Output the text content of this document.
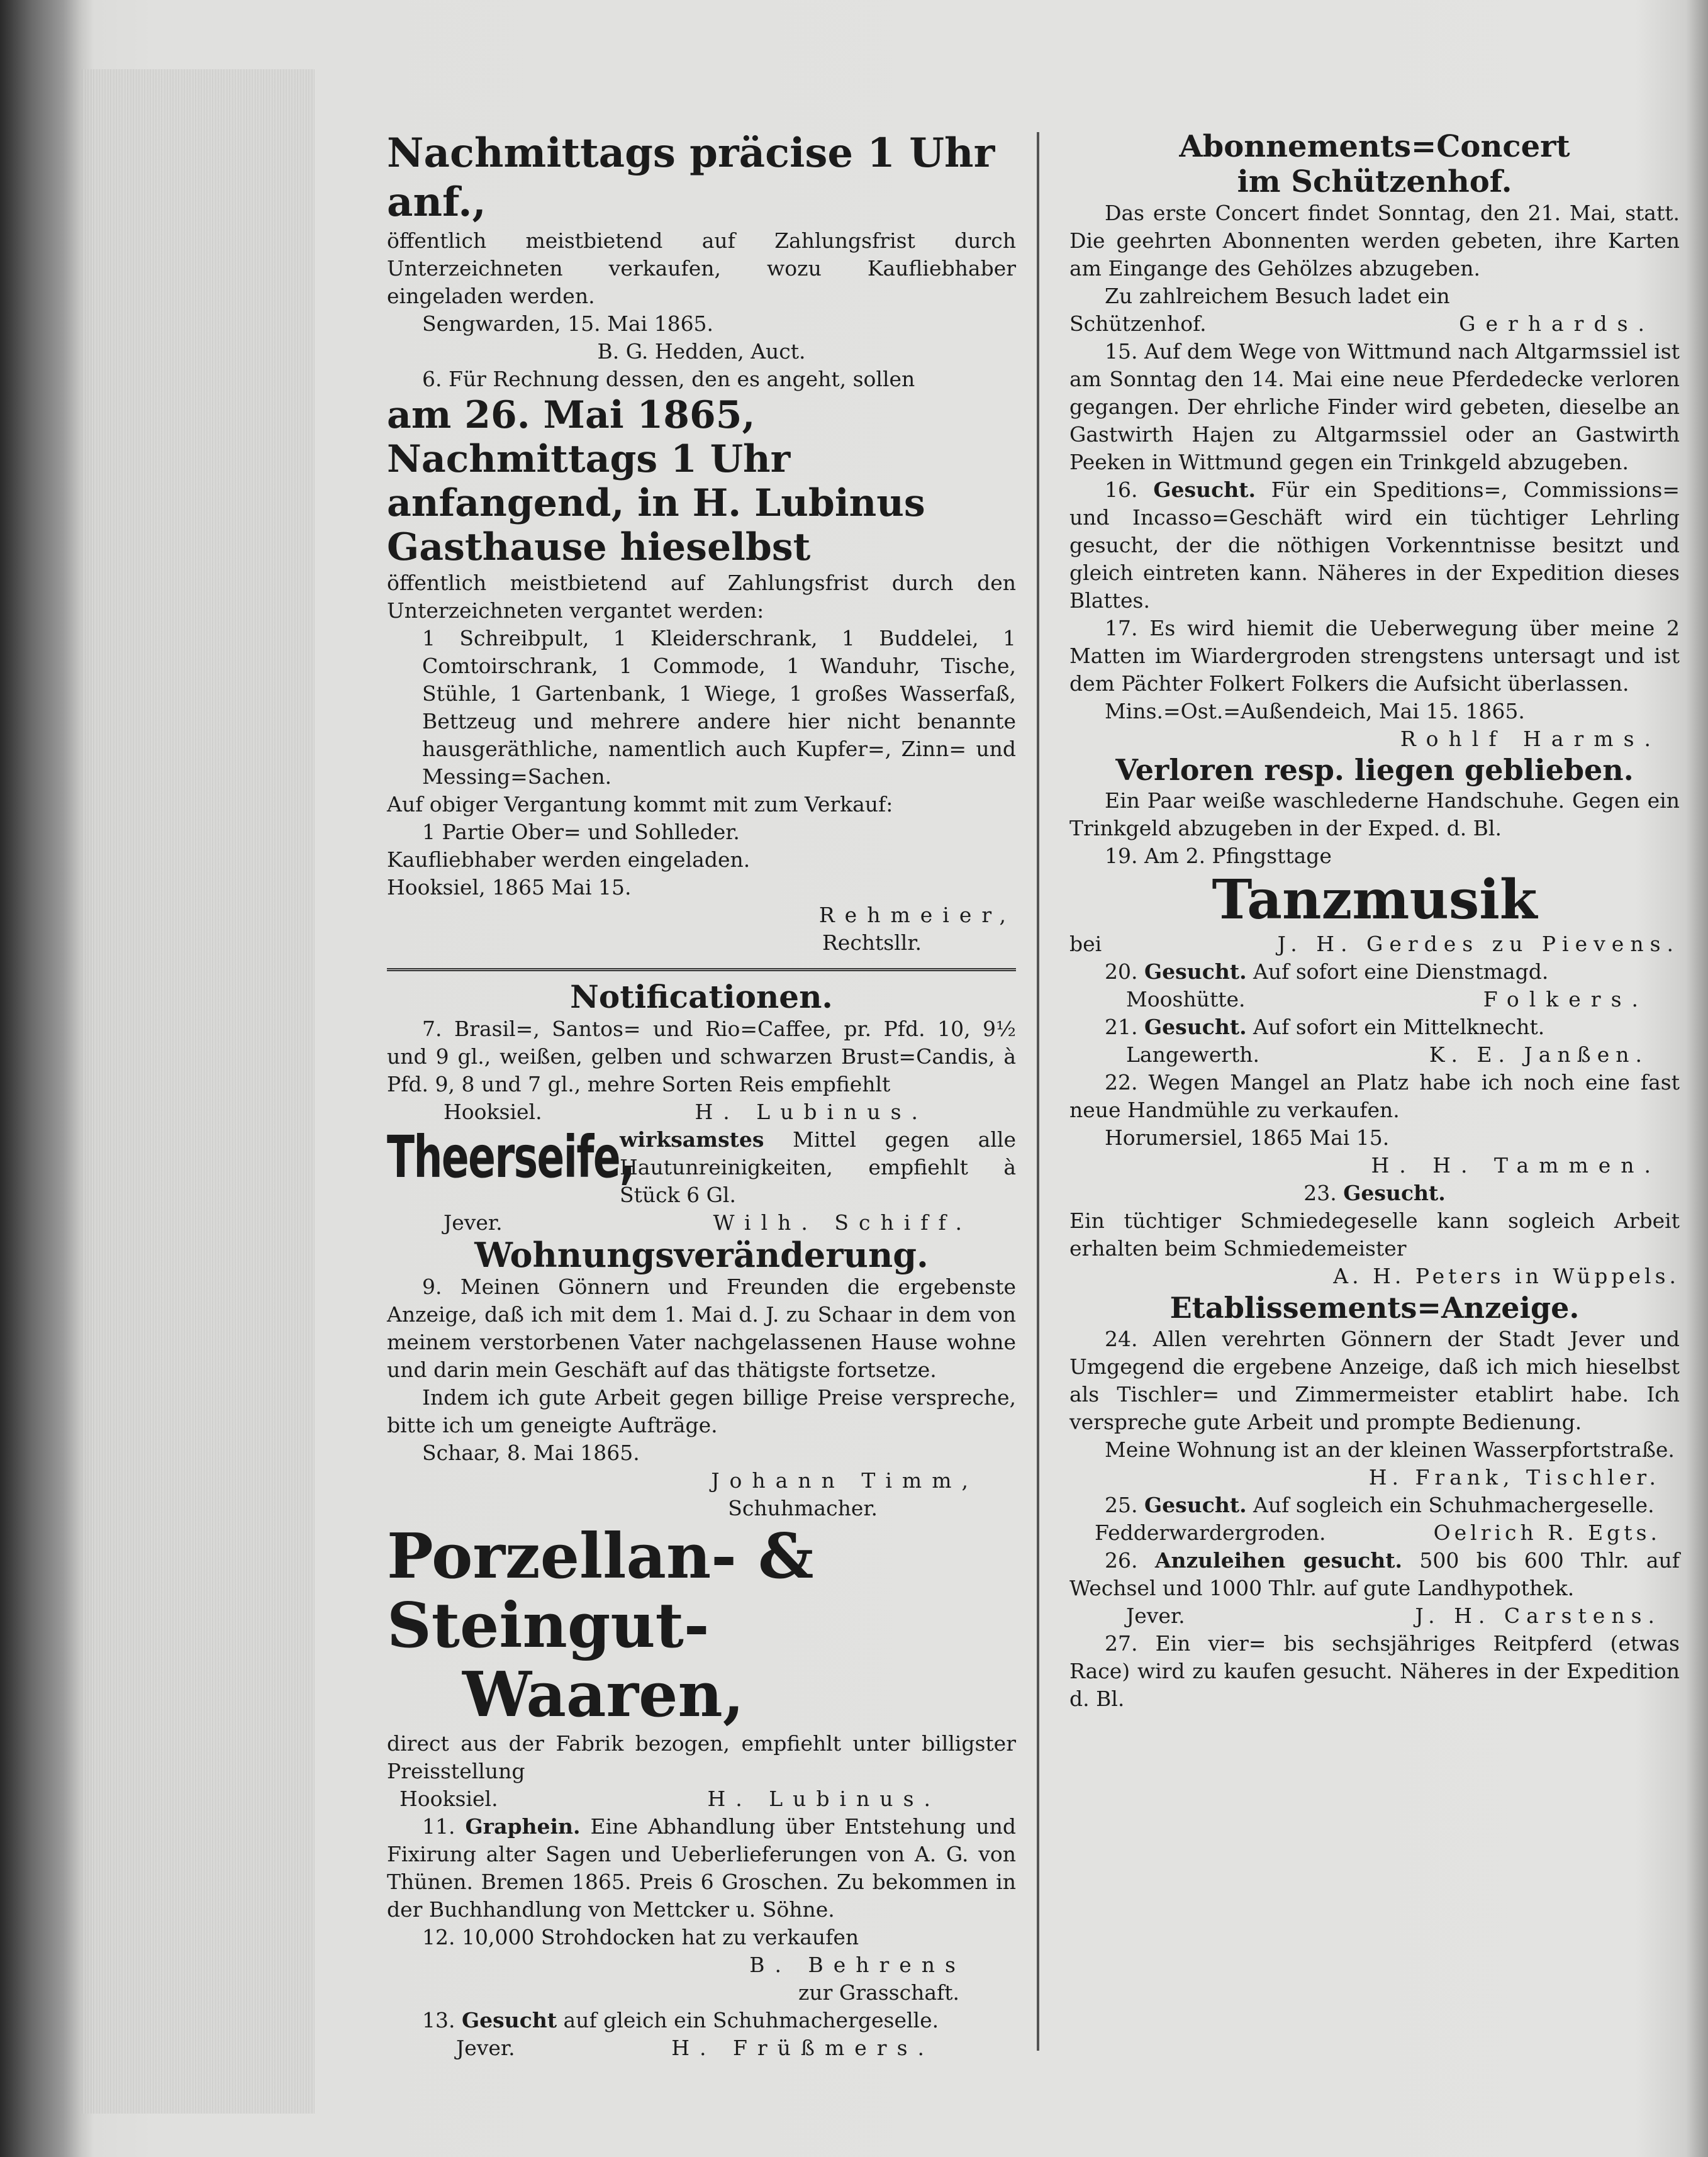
Nachmittags präcise 1 Uhr anf.,

öffentlich meistbietend auf Zahlungsfrist durch Unterzeichneten verkaufen, wozu Kaufliebhaber eingeladen werden.

Sengwarden, 15. Mai 1865.

B. G. Hedden, Auct.

6. Für Rechnung dessen, den es angeht, sollen

am 26. Mai 1865, Nachmittags 1 Uhr anfangend, in H. Lubinus Gasthause hieselbst

öffentlich meistbietend auf Zahlungsfrist durch den Unterzeichneten vergantet werden:

1 Schreibpult, 1 Kleiderschrank, 1 Buddelei, 1 Comtoirschrank, 1 Commode, 1 Wanduhr, Tische, Stühle, 1 Gartenbank, 1 Wiege, 1 großes Wasserfaß, Bettzeug und mehrere andere hier nicht benannte hausgeräthliche, namentlich auch Kupfer=, Zinn= und Messing=Sachen.

Auf obiger Vergantung kommt mit zum Verkauf:

1 Partie Ober= und Sohlleder.

Kaufliebhaber werden eingeladen.

Hooksiel, 1865 Mai 15.

Rehmeier,

Rechtsllr.

Notificationen.

7. Brasil=, Santos= und Rio=Caffee, pr. Pfd. 10, 9½ und 9 gl., weißen, gelben und schwarzen Brust=Candis, à Pfd. 9, 8 und 7 gl., mehre Sorten Reis empfiehlt

Hooksiel.	H. Lubinus.
Theerseife,

wirksamstes Mittel gegen alle Hautunreinigkeiten, empfiehlt à Stück 6 Gl.

Jever.	Wilh. Schiff.
Wohnungsveränderung.

9. Meinen Gönnern und Freunden die ergebenste Anzeige, daß ich mit dem 1. Mai d. J. zu Schaar in dem von meinem verstorbenen Vater nachgelassenen Hause wohne und darin mein Geschäft auf das thätigste fortsetze.

Indem ich gute Arbeit gegen billige Preise verspreche, bitte ich um geneigte Aufträge.

Schaar, 8. Mai 1865.

Johann Timm,

Schuhmacher.

Porzellan- & Steingut-
Waaren,

direct aus der Fabrik bezogen, empfiehlt unter billigster Preisstellung

Hooksiel.	H. Lubinus.

11. Graphein. Eine Abhandlung über Entstehung und Fixirung alter Sagen und Ueberlieferungen von A. G. von Thünen. Bremen 1865. Preis 6 Groschen. Zu bekommen in der Buchhandlung von Mettcker u. Söhne.

12. 10,000 Strohdocken hat zu verkaufen

B. Behrens

zur Grasschaft.

13. Gesucht auf gleich ein Schuhmachergeselle.

Jever.	H. Früßmers.
Abonnements=Concert
im Schützenhof.

Das erste Concert findet Sonntag, den 21. Mai, statt. Die geehrten Abonnenten werden gebeten, ihre Karten am Eingange des Gehölzes abzugeben.

Zu zahlreichem Besuch ladet ein

Schützenhof.	Gerhards.

15. Auf dem Wege von Wittmund nach Altgarmssiel ist am Sonntag den 14. Mai eine neue Pferdedecke verloren gegangen. Der ehrliche Finder wird gebeten, dieselbe an Gastwirth Hajen zu Altgarmssiel oder an Gastwirth Peeken in Wittmund gegen ein Trinkgeld abzugeben.

16. Gesucht. Für ein Speditions=, Commissions= und Incasso=Geschäft wird ein tüchtiger Lehrling gesucht, der die nöthigen Vorkenntnisse besitzt und gleich eintreten kann. Näheres in der Expedition dieses Blattes.

17. Es wird hiemit die Ueberwegung über meine 2 Matten im Wiardergroden strengstens untersagt und ist dem Pächter Folkert Folkers die Aufsicht überlassen.

Mins.=Ost.=Außendeich, Mai 15. 1865.

Rohlf Harms.

Verloren resp. liegen geblieben.

Ein Paar weiße waschlederne Handschuhe. Gegen ein Trinkgeld abzugeben in der Exped. d. Bl.

19. Am 2. Pfingsttage

Tanzmusik
bei	J. H. Gerdes zu Pievens.

20. Gesucht. Auf sofort eine Dienstmagd.

Mooshütte.	Folkers.

21. Gesucht. Auf sofort ein Mittelknecht.

Langewerth.	K. E. Janßen.

22. Wegen Mangel an Platz habe ich noch eine fast neue Handmühle zu verkaufen.

Horumersiel, 1865 Mai 15.

H. H. Tammen.

23. Gesucht.

Ein tüchtiger Schmiedegeselle kann sogleich Arbeit erhalten beim Schmiedemeister

A. H. Peters in Wüppels.

Etablissements=Anzeige.

24. Allen verehrten Gönnern der Stadt Jever und Umgegend die ergebene Anzeige, daß ich mich hieselbst als Tischler= und Zimmermeister etablirt habe. Ich verspreche gute Arbeit und prompte Bedienung.

Meine Wohnung ist an der kleinen Wasserpfortstraße.

H. Frank, Tischler.

25. Gesucht. Auf sogleich ein Schuhmachergeselle.

Fedderwardergroden.	Oelrich R. Egts.

26. Anzuleihen gesucht. 500 bis 600 Thlr. auf Wechsel und 1000 Thlr. auf gute Landhypothek.

Jever.	J. H. Carstens.

27. Ein vier= bis sechsjähriges Reitpferd (etwas Race) wird zu kaufen gesucht. Näheres in der Expedition d. Bl.
